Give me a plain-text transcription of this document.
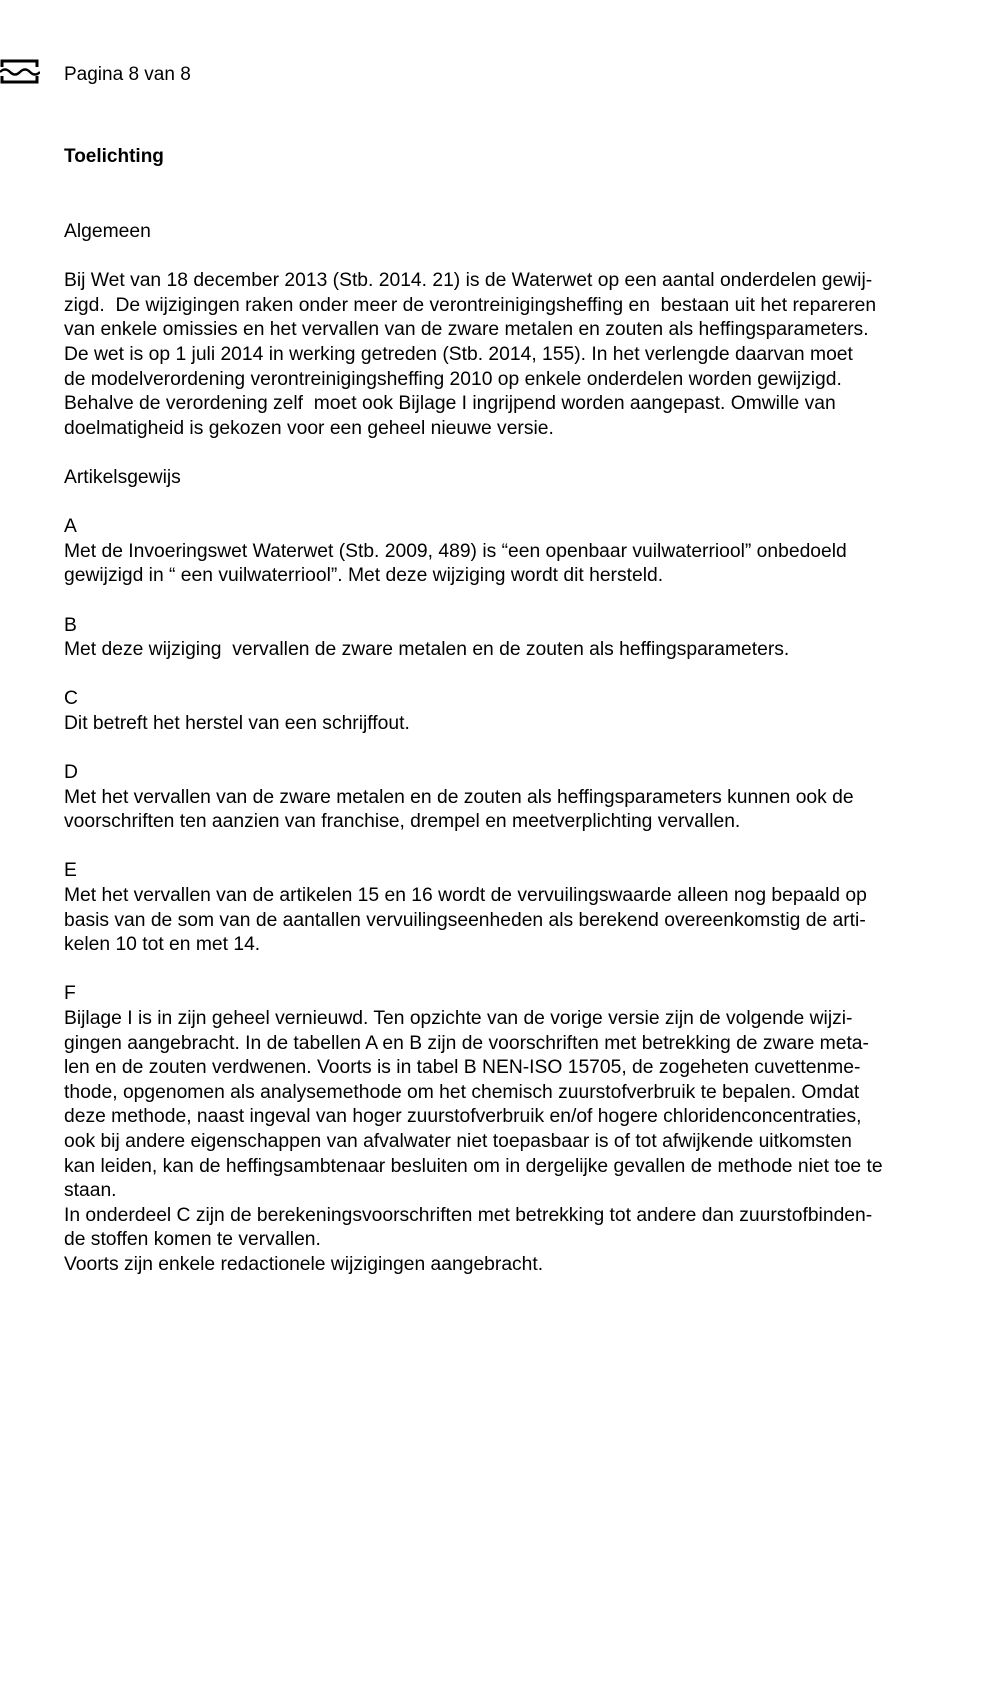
Pagina 8 van 8
Toelichting
Algemeen
Bij Wet van 18 december 2013 (Stb. 2014. 21) is de Waterwet op een aantal onderdelen gewij-
zigd.  De wijzigingen raken onder meer de verontreinigingsheffing en  bestaan uit het repareren
van enkele omissies en het vervallen van de zware metalen en zouten als heffingsparameters.
De wet is op 1 juli 2014 in werking getreden (Stb. 2014, 155). In het verlengde daarvan moet
de modelverordening verontreinigingsheffing 2010 op enkele onderdelen worden gewijzigd.
Behalve de verordening zelf  moet ook Bijlage I ingrijpend worden aangepast. Omwille van
doelmatigheid is gekozen voor een geheel nieuwe versie.
Artikelsgewijs
A
Met de Invoeringswet Waterwet (Stb. 2009, 489) is “een openbaar vuilwaterriool” onbedoeld
gewijzigd in “ een vuilwaterriool”. Met deze wijziging wordt dit hersteld.
B
Met deze wijziging  vervallen de zware metalen en de zouten als heffingsparameters.
C
Dit betreft het herstel van een schrijffout.
D
Met het vervallen van de zware metalen en de zouten als heffingsparameters kunnen ook de
voorschriften ten aanzien van franchise, drempel en meetverplichting vervallen.
E
Met het vervallen van de artikelen 15 en 16 wordt de vervuilingswaarde alleen nog bepaald op
basis van de som van de aantallen vervuilingseenheden als berekend overeenkomstig de arti-
kelen 10 tot en met 14.
F
Bijlage I is in zijn geheel vernieuwd. Ten opzichte van de vorige versie zijn de volgende wijzi-
gingen aangebracht. In de tabellen A en B zijn de voorschriften met betrekking de zware meta-
len en de zouten verdwenen. Voorts is in tabel B NEN-ISO 15705, de zogeheten cuvettenme-
thode, opgenomen als analysemethode om het chemisch zuurstofverbruik te bepalen. Omdat
deze methode, naast ingeval van hoger zuurstofverbruik en/of hogere chloridenconcentraties,
ook bij andere eigenschappen van afvalwater niet toepasbaar is of tot afwijkende uitkomsten
kan leiden, kan de heffingsambtenaar besluiten om in dergelijke gevallen de methode niet toe te
staan.
In onderdeel C zijn de berekeningsvoorschriften met betrekking tot andere dan zuurstofbinden-
de stoffen komen te vervallen.
Voorts zijn enkele redactionele wijzigingen aangebracht.
